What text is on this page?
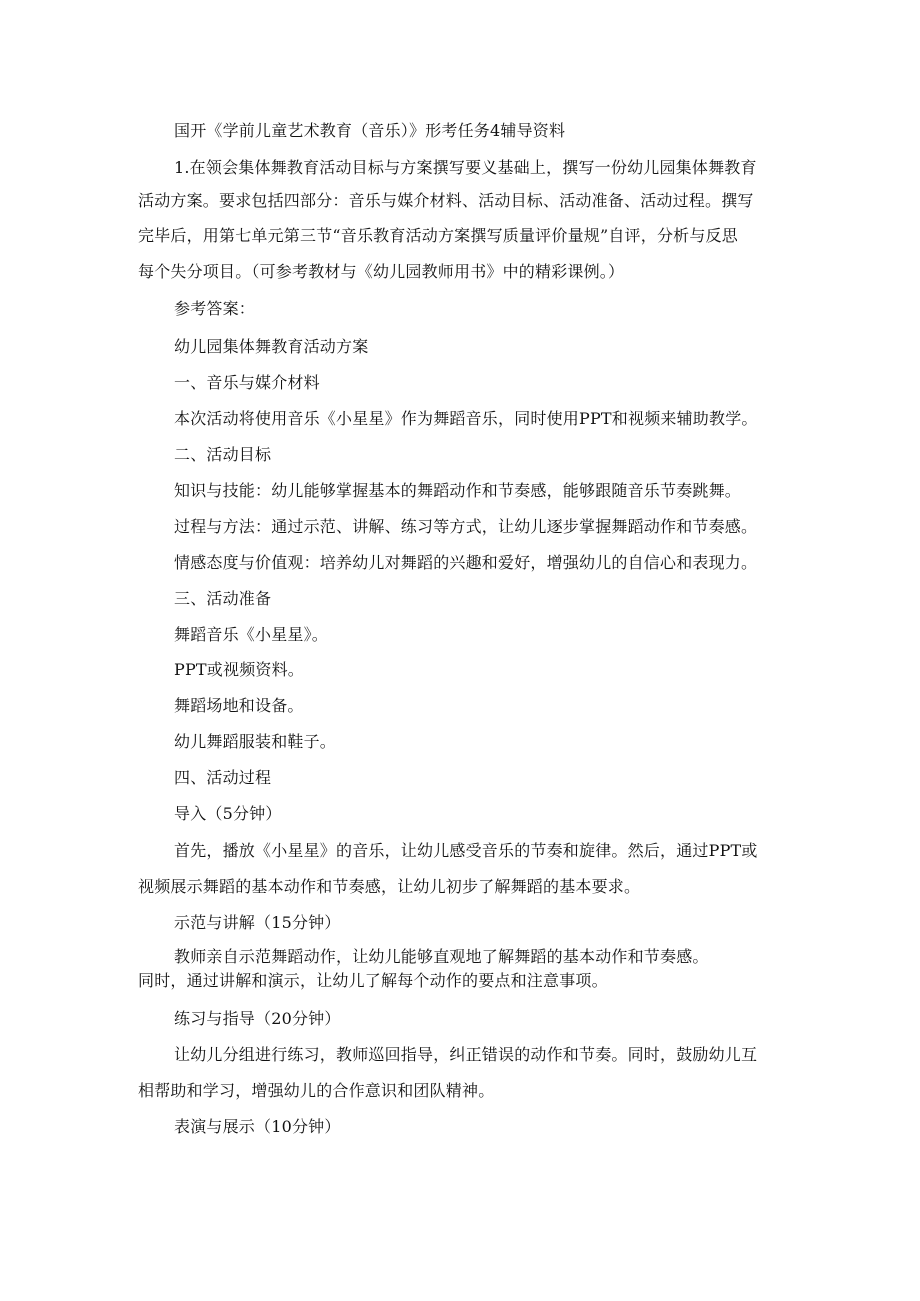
国开《学前儿童艺术教育（音乐）》形考任务4辅导资料
1.在领会集体舞教育活动目标与方案撰写要义基础上，撰写一份幼儿园集体舞教育
活动方案。要求包括四部分：音乐与媒介材料、活动目标、活动准备、活动过程。撰写
完毕后，用第七单元第三节“音乐教育活动方案撰写质量评价量规”自评，分析与反思
每个失分项目。（可参考教材与《幼儿园教师用书》中的精彩课例。）
参考答案：
幼儿园集体舞教育活动方案
一、音乐与媒介材料
本次活动将使用音乐《小星星》作为舞蹈音乐，同时使用PPT和视频来辅助教学。
二、活动目标
知识与技能：幼儿能够掌握基本的舞蹈动作和节奏感，能够跟随音乐节奏跳舞。
过程与方法：通过示范、讲解、练习等方式，让幼儿逐步掌握舞蹈动作和节奏感。
情感态度与价值观：培养幼儿对舞蹈的兴趣和爱好，增强幼儿的自信心和表现力。
三、活动准备
舞蹈音乐《小星星》。
PPT或视频资料。
舞蹈场地和设备。
幼儿舞蹈服装和鞋子。
四、活动过程
导入（5分钟）
首先，播放《小星星》的音乐，让幼儿感受音乐的节奏和旋律。然后，通过PPT或
视频展示舞蹈的基本动作和节奏感，让幼儿初步了解舞蹈的基本要求。
示范与讲解（15分钟）
教师亲自示范舞蹈动作，让幼儿能够直观地了解舞蹈的基本动作和节奏感。
同时，通过讲解和演示，让幼儿了解每个动作的要点和注意事项。
练习与指导（20分钟）
让幼儿分组进行练习，教师巡回指导，纠正错误的动作和节奏。同时，鼓励幼儿互
相帮助和学习，增强幼儿的合作意识和团队精神。
表演与展示（10分钟）
